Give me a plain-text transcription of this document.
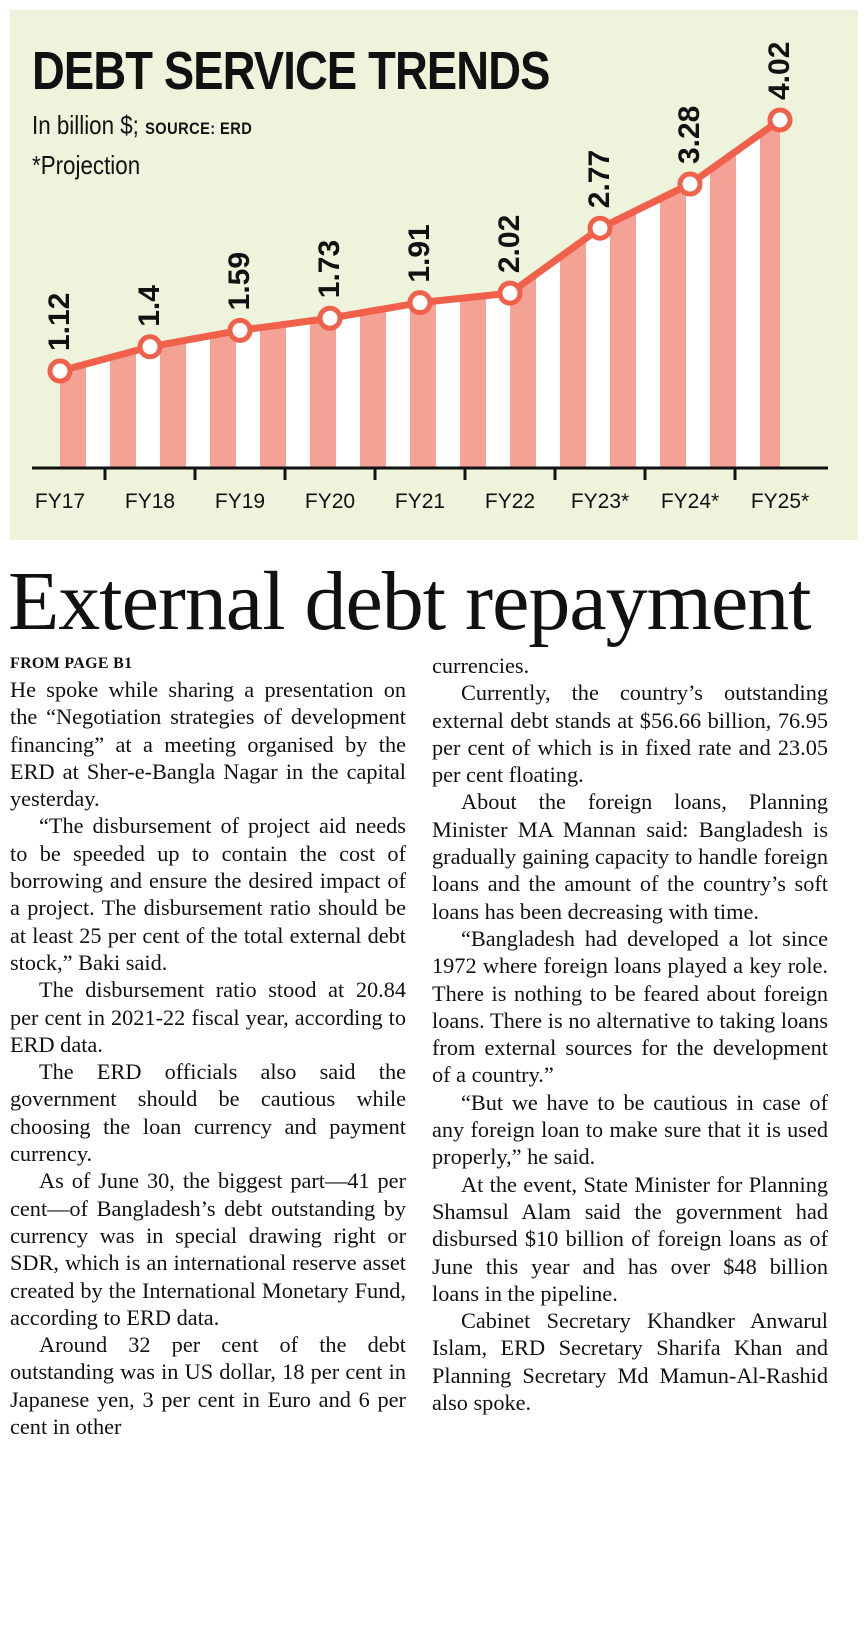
1.12
FY17
1.4
FY18
1.59
FY19
1.73
FY20
1.91
FY21
2.02
FY22
2.77
FY23*
3.28
FY24*
4.02
FY25*
DEBT SERVICE TRENDS
In billion $; SOURCE: ERD
*Projection
External debt repayment
FROM PAGE B1

He spoke while sharing a presentation on the “Negotiation strategies of development financing” at a meeting organised by the ERD at Sher-e-Bangla Nagar in the capital yesterday.

“The disbursement of project aid needs to be speeded up to contain the cost of borrowing and ensure the desired impact of a project. The disbursement ratio should be at least 25 per cent of the total external debt stock,” Baki said.

The disbursement ratio stood at 20.84 per cent in 2021-22 fiscal year, according to ERD data.

The ERD officials also said the government should be cautious while choosing the loan currency and payment currency.

As of June 30, the biggest part—41 per cent—of Bangladesh’s debt outstanding by currency was in special drawing right or SDR, which is an international reserve asset created by the International Monetary Fund, according to ERD data.

Around 32 per cent of the debt outstanding was in US dollar, 18 per cent in Japanese yen, 3 per cent in Euro and 6 per cent in other

currencies.

Currently, the country’s outstanding external debt stands at $56.66 billion, 76.95 per cent of which is in fixed rate and 23.05 per cent floating.

About the foreign loans, Planning Minister MA Mannan said: Bangladesh is gradually gaining capacity to handle foreign loans and the amount of the country’s soft loans has been decreasing with time.

“Bangladesh had developed a lot since 1972 where foreign loans played a key role. There is nothing to be feared about foreign loans. There is no alternative to taking loans from external sources for the development of a country.”

“But we have to be cautious in case of any foreign loan to make sure that it is used properly,” he said.

At the event, State Minister for Planning Shamsul Alam said the government had disbursed $10 billion of foreign loans as of June this year and has over $48 billion loans in the pipeline.

Cabinet Secretary Khandker Anwarul Islam, ERD Secretary Sharifa Khan and Planning Secretary Md Mamun-Al-Rashid also spoke.
